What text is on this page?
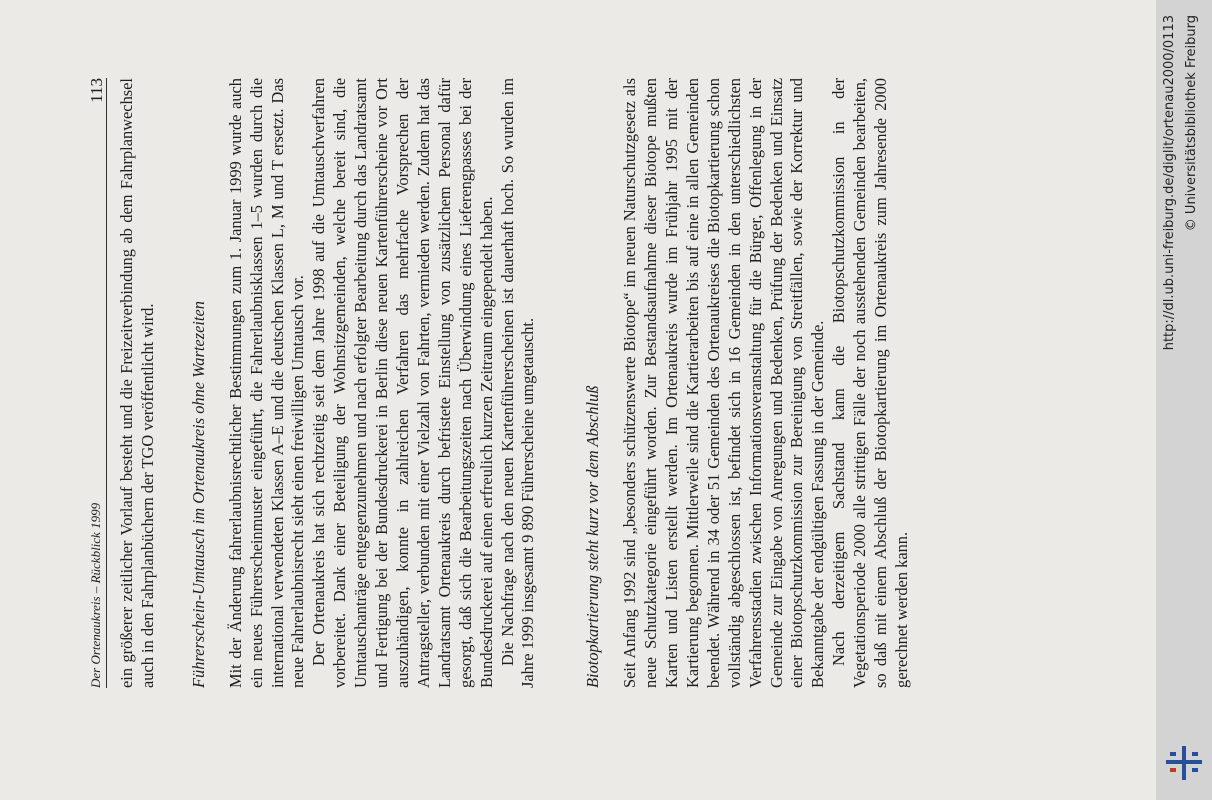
Der Ortenaukreis – Rückblick 1999
113 ein größerer zeitlicher Vorlauf besteht und die Freizeitverbindung ab dem Fahrplanwechsel auch in den Fahrplanbüchern der TGO veröffentlicht wird. Führerschein-Umtausch im Ortenaukreis ohne Wartezeiten Mit der Änderung fahrerlaubnisrechtlicher Bestimmungen zum 1. Januar 1999 wurde auch ein neues Führerscheinmuster eingeführt, die Fahrerlaubnisklassen 1–5 wurden durch die international verwendeten Klassen A–E und die deutschen Klassen L, M und T ersetzt. Das neue Fahrerlaubnisrecht sieht einen freiwilligen Umtausch vor. Der Ortenaukreis hat sich rechtzeitig seit dem Jahre 1998 auf die Umtauschverfahren vorbereitet. Dank einer Beteiligung der Wohnsitzgemeinden, welche bereit sind, die Umtauschanträge entgegenzunehmen und nach erfolgter Bearbeitung durch das Landratsamt und Fertigung bei der Bundesdruckerei in Berlin diese neuen Kartenführerscheine vor Ort auszuhändigen, konnte in zahlreichen Verfahren das mehrfache Vorsprechen der Antragsteller, verbunden mit einer Vielzahl von Fahrten, vermieden werden. Zudem hat das Landratsamt Ortenaukreis durch befristete Einstellung von zusätzlichem Personal dafür gesorgt, daß sich die Bearbeitungszeiten nach Überwindung eines Lieferengpasses bei der Bundesdruckerei auf einen erfreulich kurzen Zeitraum eingependelt haben. Die Nachfrage nach den neuen Kartenführerscheinen ist dauerhaft hoch. So wurden im Jahre 1999 insgesamt 9 890 Führerscheine umgetauscht.	Biotopkartierung steht kurz vor dem Abschluß Seit Anfang 1992 sind „besonders schützenswerte Biotope“ im neuen Naturschutzgesetz als neue Schutzkategorie eingeführt worden. Zur Bestandsaufnahme dieser Biotope mußten Karten und Listen erstellt werden. Im Ortenaukreis wurde im Frühjahr 1995 mit der Kartierung begonnen. Mittlerweile sind die Kartierarbeiten bis auf eine in allen Gemeinden beendet. Während in 34 oder 51 Gemeinden des Ortenaukreises die Biotopkartierung schon vollständig abgeschlossen ist, befindet sich in 16 Gemeinden in den unterschiedlichsten Verfahrensstadien zwischen Informationsveranstaltung für die Bürger, Offenlegung in der Gemeinde zur Eingabe von Anregungen und Bedenken, Prüfung der Bedenken und Einsatz einer Biotopschutzkommission zur Bereinigung von Streitfällen, sowie der Korrektur und Bekanntgabe der endgültigen Fassung in der Gemeinde. Nach derzeitigem Sachstand kann die Biotopschutzkommission in der Vegetationsperiode 2000 alle strittigen Fälle der noch ausstehenden Gemeinden bearbeiten, so daß mit einem Abschluß der Biotopkartierung im Ortenaukreis zum Jahresende 2000 gerechnet werden kann.

http://dl.ub.uni-freiburg.de/diglit/ortenau2000/0113 © Universitätsbibliothek Freiburg
